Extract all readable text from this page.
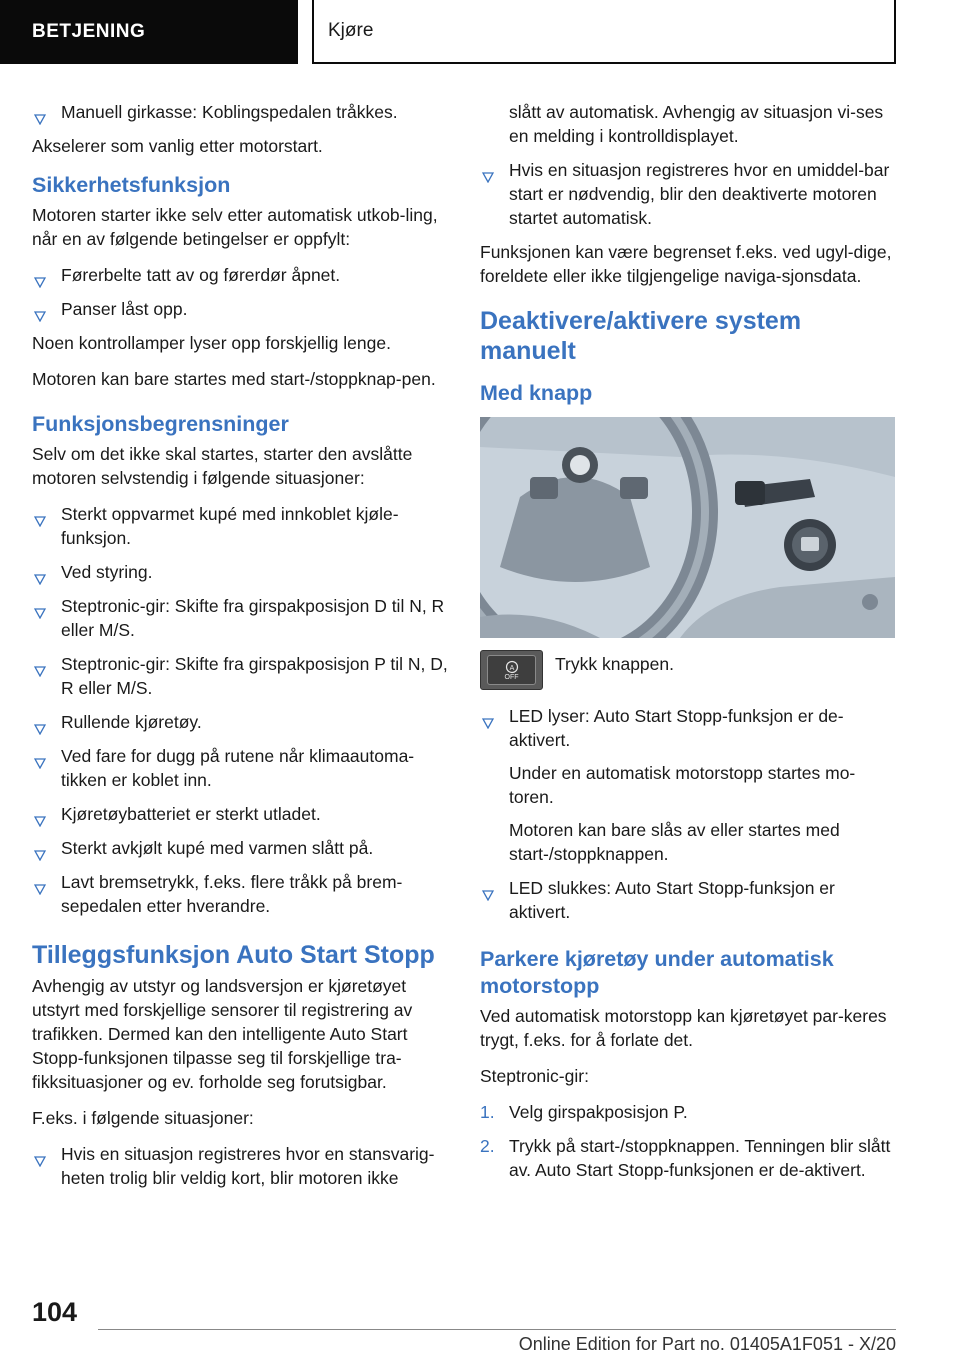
BETJENING	Kjøre
Manuell girkasse: Koblingspedalen tråkkes.

Akselerer som vanlig etter motorstart.

Sikkerhetsfunksjon

Motoren starter ikke selv etter automatisk utkob-ling, når en av følgende betingelser er oppfylt:

Førerbelte tatt av og førerdør åpnet.
Panser låst opp.

Noen kontrollamper lyser opp forskjellig lenge.

Motoren kan bare startes med start-/stoppknap-pen.

Funksjonsbegrensninger

Selv om det ikke skal startes, starter den avslåtte motoren selvstendig i følgende situasjoner:

Sterkt oppvarmet kupé med innkoblet kjøle-funksjon.
Ved styring.
Steptronic-gir: Skifte fra girspakposisjon D til N, R eller M/S.
Steptronic-gir: Skifte fra girspakposisjon P til N, D, R eller M/S.
Rullende kjøretøy.
Ved fare for dugg på rutene når klimaautoma-tikken er koblet inn.
Kjøretøybatteriet er sterkt utladet.
Sterkt avkjølt kupé med varmen slått på.
Lavt bremsetrykk, f.eks. flere tråkk på brem-sepedalen etter hverandre.
Tilleggsfunksjon Auto Start Stopp

Avhengig av utstyr og landsversjon er kjøretøyet utstyrt med forskjellige sensorer til registrering av trafikken. Dermed kan den intelligente Auto Start Stopp-funksjonen tilpasse seg til forskjellige tra-fikksituasjoner og ev. forholde seg forutsigbar.

F.eks. i følgende situasjoner:

Hvis en situasjon registreres hvor en stansvarig-heten trolig blir veldig kort, blir motoren ikke

slått av automatisk. Avhengig av situasjon vi-ses en melding i kontrolldisplayet.

Hvis en situasjon registreres hvor en umiddel-bar start er nødvendig, blir den deaktiverte motoren startet automatisk.

Funksjonen kan være begrenset f.eks. ved ugyl-dige, foreldete eller ikke tilgjengelige naviga-sjonsdata.

Deaktivere/aktivere system manuelt
Med knapp
A
OFF
Trykk knappen.
LED lyser: Auto Start Stopp-funksjon er de-aktivert.
Under en automatisk motorstopp startes mo-toren.
Motoren kan bare slås av eller startes med start-/stoppknappen.
LED slukkes: Auto Start Stopp-funksjon er aktivert.
Parkere kjøretøy under automatisk motorstopp

Ved automatisk motorstopp kan kjøretøyet par-keres trygt, f.eks. for å forlate det.

Steptronic-gir:

1. Velg girspakposisjon P.
2. Trykk på start-/stoppknappen. Tenningen blir slått av. Auto Start Stopp-funksjonen er de-aktivert.
104
Online Edition for Part no. 01405A1F051 - X/20
